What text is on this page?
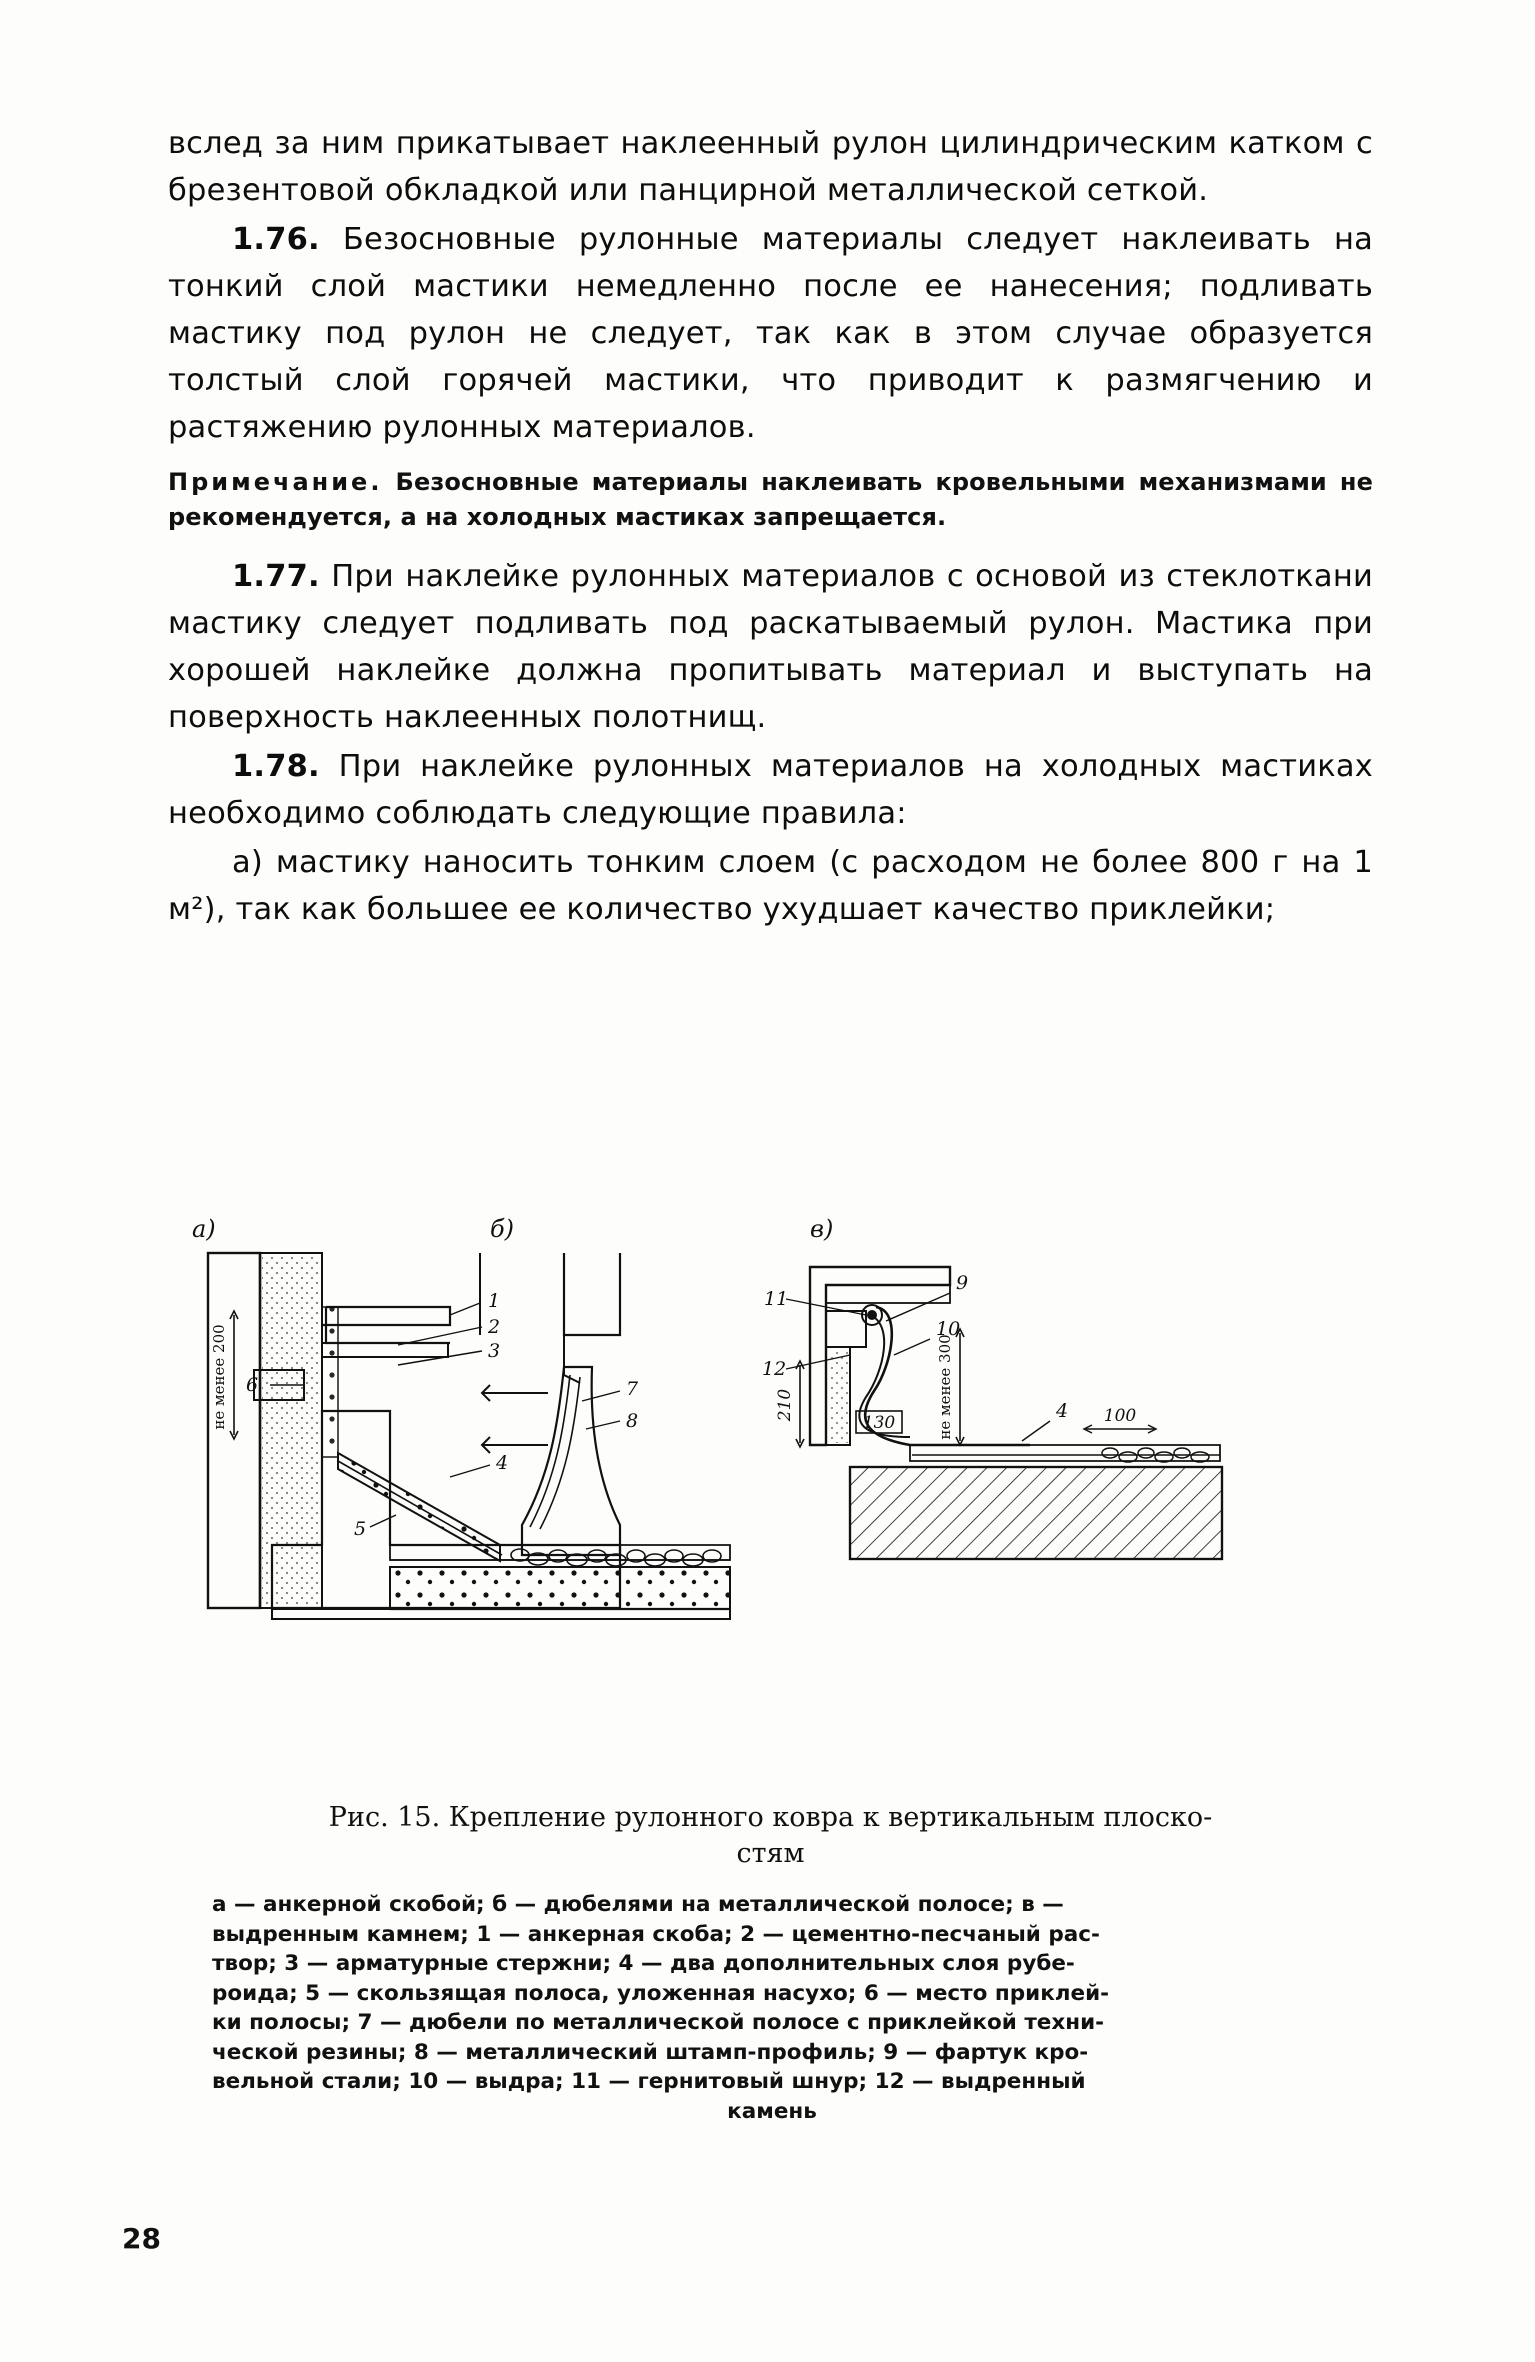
вслед за ним прикатывает наклеенный рулон цилиндрическим катком с брезентовой обкладкой или панцирной металлической сеткой.

1.76. Безосновные рулонные материалы следует наклеивать на тонкий слой мастики немедленно после ее нанесения; подливать мастику под рулон не следует, так как в этом случае образуется толстый слой горячей мастики, что приводит к размягчению и растяжению рулонных материалов.

Примечание. Безосновные материалы наклеивать кровельными механизмами не рекомендуется, а на холодных мастиках запрещается.

1.77. При наклейке рулонных материалов с основой из стеклоткани мастику следует подливать под раскатываемый рулон. Мастика при хорошей наклейке должна пропитывать материал и выступать на поверхность наклеенных полотнищ.

1.78. При наклейке рулонных материалов на холодных мастиках необходимо соблюдать следующие правила:

а) мастику наносить тонким слоем (с расходом не более 800 г на 1 м²), так как большее ее количество ухудшает качество приклейки;

не менее 200
1
2
3
6
4
5
а)	б)
7
8
в)
130
210	не менее 300	100
11
12
9
10
4
Рис. 15. Крепление рулонного ковра к вертикальным плоско-
стям
а — анкерной скобой; б — дюбелями на металлической полосе; в —
выдренным камнем; 1 — анкерная скоба; 2 — цементно-песчаный рас-
твор; 3 — арматурные стержни; 4 — два дополнительных слоя рубе-
роида; 5 — скользящая полоса, уложенная насухо; 6 — место приклей-
ки полосы; 7 — дюбели по металлической полосе с приклейкой техни-
ческой резины; 8 — металлический штамп-профиль; 9 — фартук кро-
вельной стали; 10 — выдра; 11 — гернитовый шнур; 12 — выдренный
камень
28
